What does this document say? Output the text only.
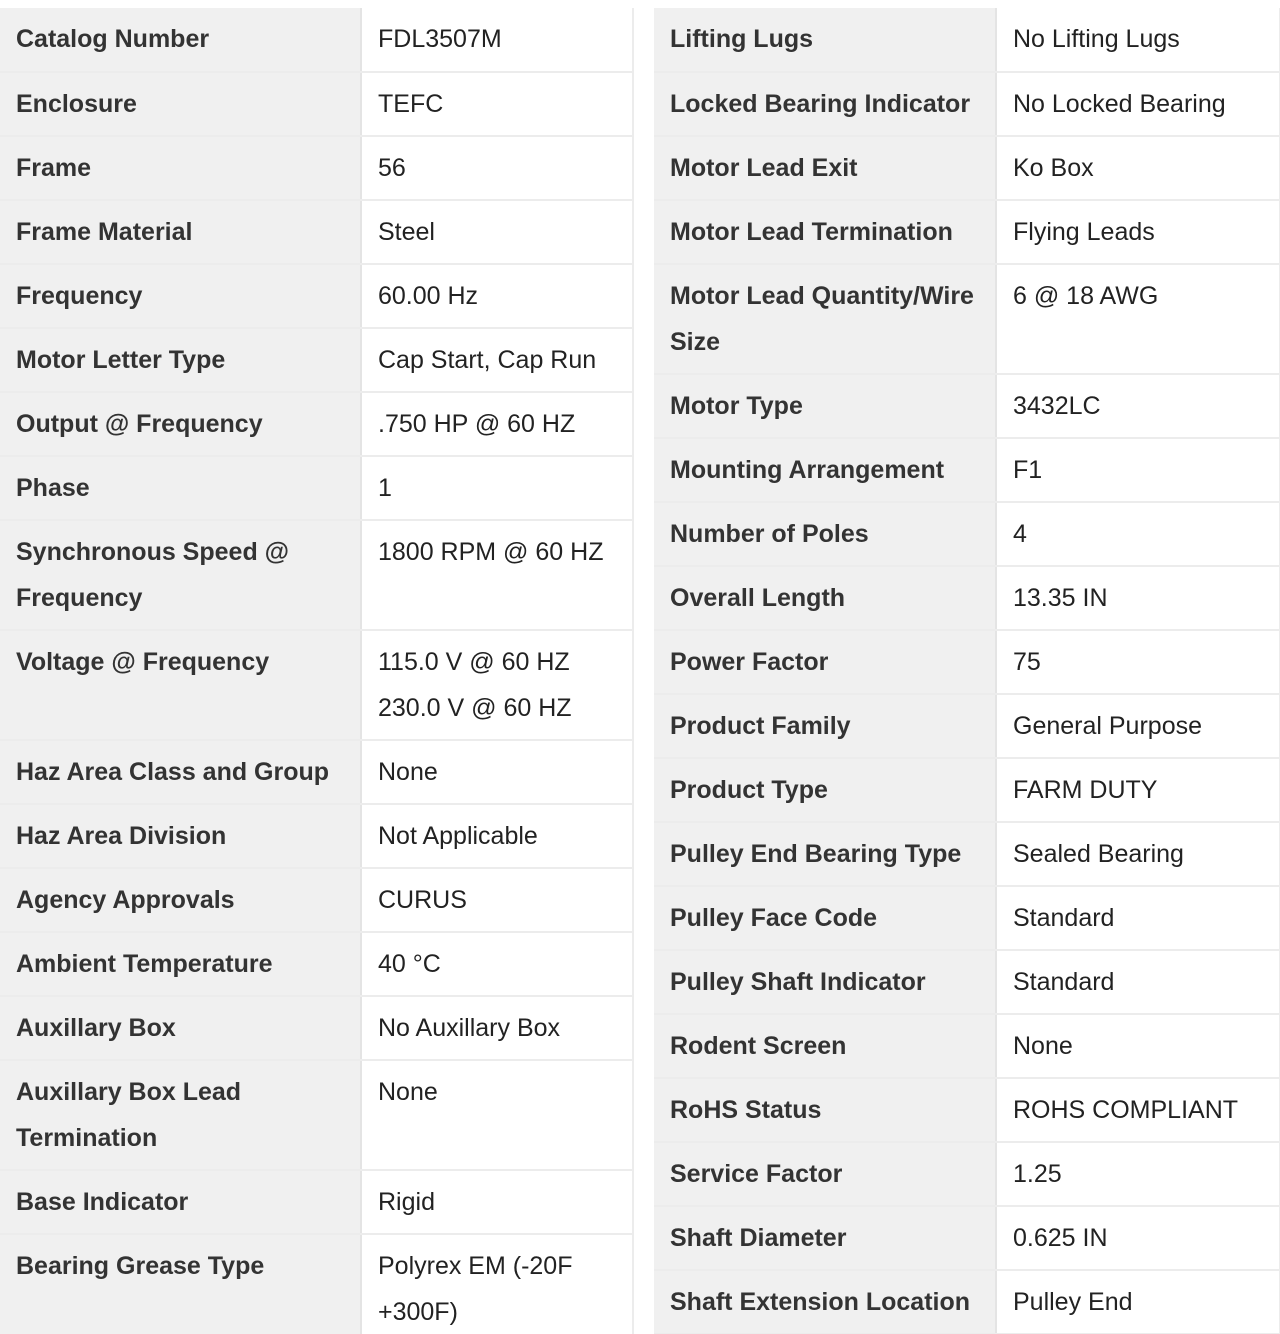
Catalog Number	FDL3507M

Enclosure	TEFC

Frame	56

Frame Material	Steel

Frequency	60.00 Hz

Motor Letter Type	Cap Start, Cap Run

Output @ Frequency	.750 HP @ 60 HZ

Phase	1

Synchronous Speed @ Frequency	1800 RPM @ 60 HZ

Voltage @ Frequency	115.0 V @ 60 HZ
230.0 V @ 60 HZ

Haz Area Class and Group	None

Haz Area Division	Not Applicable

Agency Approvals	CURUS

Ambient Temperature	40 °C

Auxillary Box	No Auxillary Box

Auxillary Box Lead Termination	None

Base Indicator	Rigid

Bearing Grease Type	Polyrex EM (-20F +300F)
Lifting Lugs	No Lifting Lugs

Locked Bearing Indicator	No Locked Bearing

Motor Lead Exit	Ko Box

Motor Lead Termination	Flying Leads

Motor Lead Quantity/Wire Size	6 @ 18 AWG

Motor Type	3432LC

Mounting Arrangement	F1

Number of Poles	4

Overall Length	13.35 IN

Power Factor	75

Product Family	General Purpose

Product Type	FARM DUTY

Pulley End Bearing Type	Sealed Bearing

Pulley Face Code	Standard

Pulley Shaft Indicator	Standard

Rodent Screen	None

RoHS Status	ROHS COMPLIANT

Service Factor	1.25

Shaft Diameter	0.625 IN

Shaft Extension Location	Pulley End
